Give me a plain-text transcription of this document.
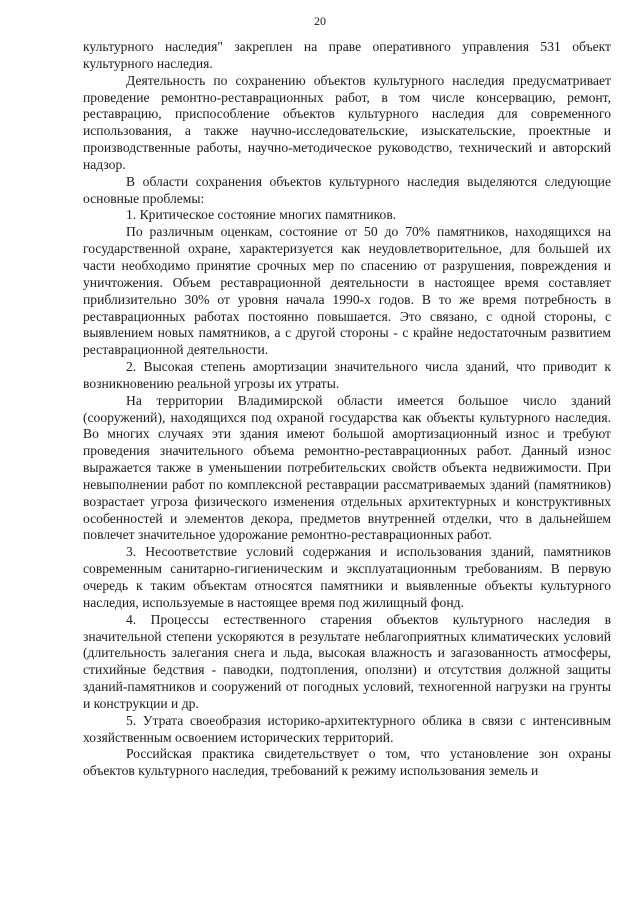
20

культурного наследия" закреплен на праве оперативного управления 531 объект культурного наследия.

Деятельность по сохранению объектов культурного наследия предусматривает проведение ремонтно-реставрационных работ, в том числе консервацию, ремонт, реставрацию, приспособление объектов культурного наследия для современного использования, а также научно-исследовательские, изыскательские, проектные и производственные работы, научно-методическое руководство, технический и авторский надзор.

В области сохранения объектов культурного наследия выделяются следующие основные проблемы:

1. Критическое состояние многих памятников.

По различным оценкам, состояние от 50 до 70% памятников, находящихся на государственной охране, характеризуется как неудовлетворительное, для большей их части необходимо принятие срочных мер по спасению от разрушения, повреждения и уничтожения. Объем реставрационной деятельности в настоящее время составляет приблизительно 30% от уровня начала 1990-х годов. В то же время потребность в реставрационных работах постоянно повышается. Это связано, с одной стороны, с выявлением новых памятников, а с другой стороны - с крайне недостаточным развитием реставрационной деятельности.

2. Высокая степень амортизации значительного числа зданий, что приводит к возникновению реальной угрозы их утраты.

На территории Владимирской области имеется большое число зданий (сооружений), находящихся под охраной государства как объекты культурного наследия. Во многих случаях эти здания имеют большой амортизационный износ и требуют проведения значительного объема ремонтно-реставрационных работ. Данный износ выражается также в уменьшении потребительских свойств объекта недвижимости. При невыполнении работ по комплексной реставрации рассматриваемых зданий (памятников) возрастает угроза физического изменения отдельных архитектурных и конструктивных особенностей и элементов декора, предметов внутренней отделки, что в дальнейшем повлечет значительное удорожание ремонтно-реставрационных работ.

3. Несоответствие условий содержания и использования зданий, памятников современным санитарно-гигиеническим и эксплуатационным требованиям. В первую очередь к таким объектам относятся памятники и выявленные объекты культурного наследия, используемые в настоящее время под жилищный фонд.

4. Процессы естественного старения объектов культурного наследия в значительной степени ускоряются в результате неблагоприятных климатических условий (длительность залегания снега и льда, высокая влажность и загазованность атмосферы, стихийные бедствия - паводки, подтопления, оползни) и отсутствия должной защиты зданий-памятников и сооружений от погодных условий, техногенной нагрузки на грунты и конструкции и др.

5. Утрата своеобразия историко-архитектурного облика в связи с интенсивным хозяйственным освоением исторических территорий.

Российская практика свидетельствует о том, что установление зон охраны объектов культурного наследия, требований к режиму использования земель и
